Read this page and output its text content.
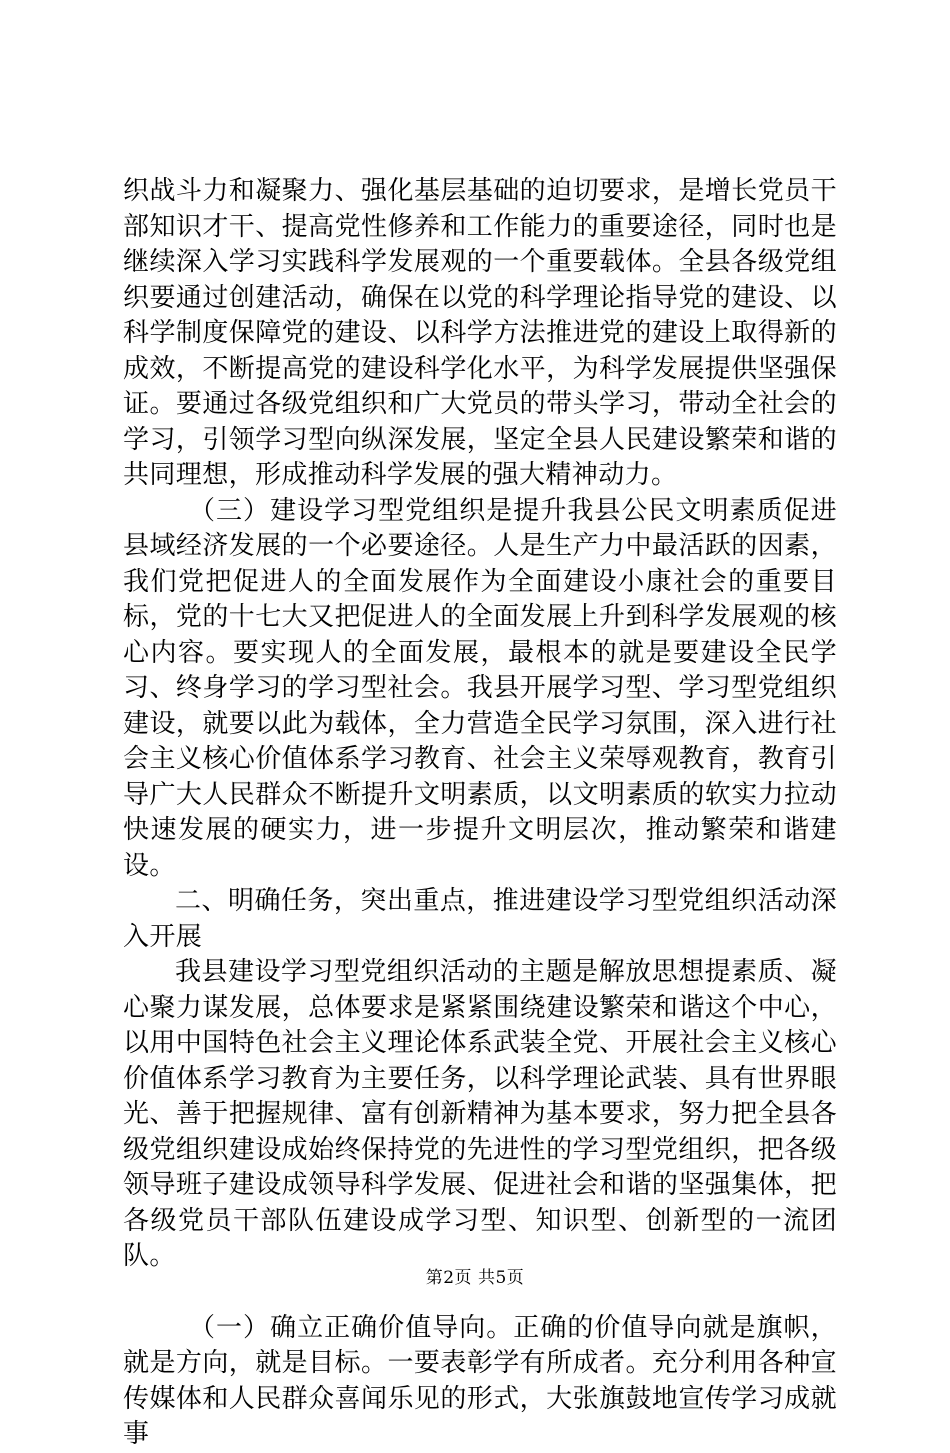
织战斗力和凝聚力、强化基层基础的迫切要求，是增长党员干部知识才干、提高党性修养和工作能力的重要途径，同时也是继续深入学习实践科学发展观的一个重要载体。全县各级党组织要通过创建活动，确保在以党的科学理论指导党的建设、以科学制度保障党的建设、以科学方法推进党的建设上取得新的成效，不断提高党的建设科学化水平，为科学发展提供坚强保证。要通过各级党组织和广大党员的带头学习，带动全社会的学习，引领学习型向纵深发展，坚定全县人民建设繁荣和谐的共同理想，形成推动科学发展的强大精神动力。

（三）建设学习型党组织是提升我县公民文明素质促进县域经济发展的一个必要途径。人是生产力中最活跃的因素，我们党把促进人的全面发展作为全面建设小康社会的重要目标，党的十七大又把促进人的全面发展上升到科学发展观的核心内容。要实现人的全面发展，最根本的就是要建设全民学习、终身学习的学习型社会。我县开展学习型、学习型党组织建设，就要以此为载体，全力营造全民学习氛围，深入进行社会主义核心价值体系学习教育、社会主义荣辱观教育，教育引导广大人民群众不断提升文明素质，以文明素质的软实力拉动快速发展的硬实力，进一步提升文明层次，推动繁荣和谐建设。

二、明确任务，突出重点，推进建设学习型党组织活动深入开展

我县建设学习型党组织活动的主题是解放思想提素质、凝心聚力谋发展，总体要求是紧紧围绕建设繁荣和谐这个中心，以用中国特色社会主义理论体系武装全党、开展社会主义核心价值体系学习教育为主要任务，以科学理论武装、具有世界眼光、善于把握规律、富有创新精神为基本要求，努力把全县各级党组织建设成始终保持党的先进性的学习型党组织，把各级领导班子建设成领导科学发展、促进社会和谐的坚强集体，把各级党员干部队伍建设成学习型、知识型、创新型的一流团队。

（一）确立正确价值导向。正确的价值导向就是旗帜，就是方向，就是目标。一要表彰学有所成者。充分利用各种宣传媒体和人民群众喜闻乐见的形式，大张旗鼓地宣传学习成就事

第2页 共5页
